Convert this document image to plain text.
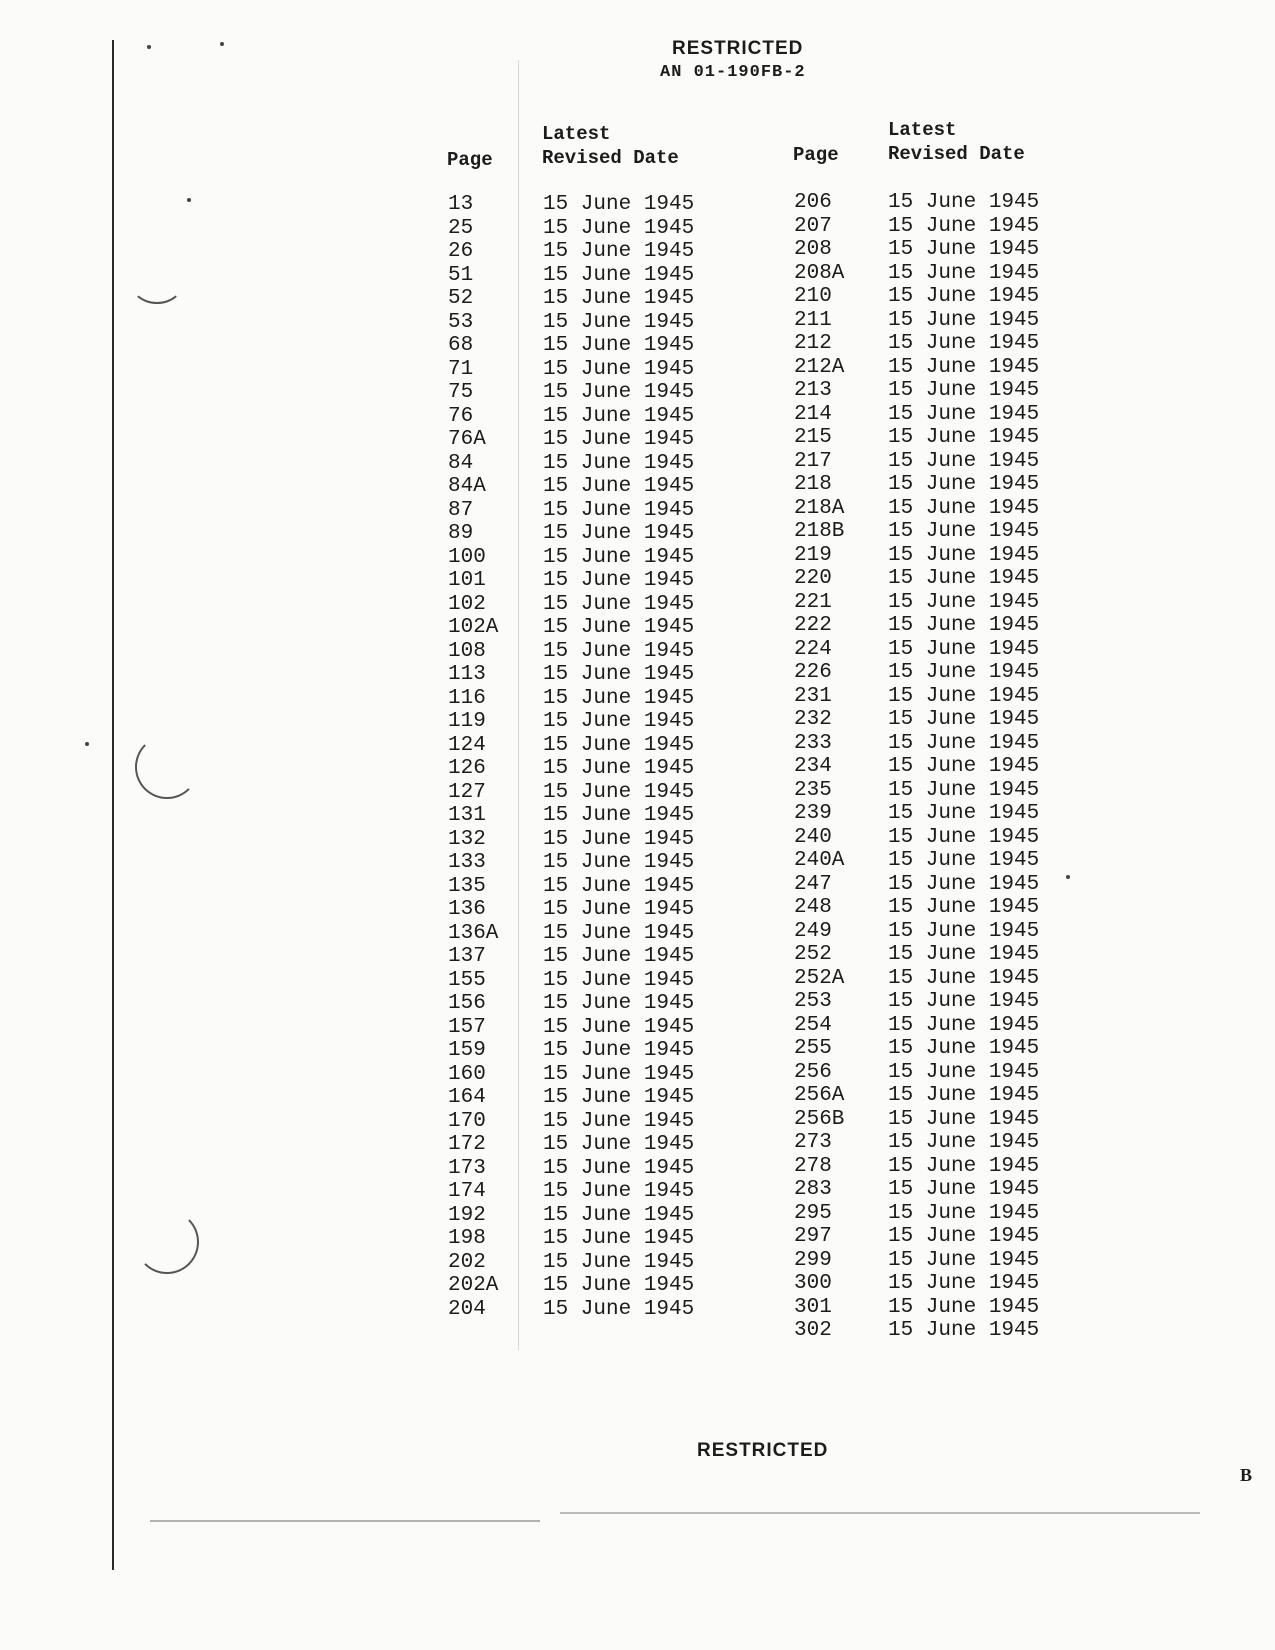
RESTRICTED
AN 01-190FB-2
Page
Latest
Revised Date	Page
Latest
Revised Date
13
25
26
51
52
53
68
71
75
76
76A
84
84A
87
89
100
101
102
102A
108
113
116
119
124
126
127
131
132
133
135
136
136A
137
155
156
157
159
160
164
170
172
173
174
192
198
202
202A
204
15 June 1945
15 June 1945
15 June 1945
15 June 1945
15 June 1945
15 June 1945
15 June 1945
15 June 1945
15 June 1945
15 June 1945
15 June 1945
15 June 1945
15 June 1945
15 June 1945
15 June 1945
15 June 1945
15 June 1945
15 June 1945
15 June 1945
15 June 1945
15 June 1945
15 June 1945
15 June 1945
15 June 1945
15 June 1945
15 June 1945
15 June 1945
15 June 1945
15 June 1945
15 June 1945
15 June 1945
15 June 1945
15 June 1945
15 June 1945
15 June 1945
15 June 1945
15 June 1945
15 June 1945
15 June 1945
15 June 1945
15 June 1945
15 June 1945
15 June 1945
15 June 1945
15 June 1945
15 June 1945
15 June 1945
15 June 1945
206
207
208
208A
210
211
212
212A
213
214
215
217
218
218A
218B
219
220
221
222
224
226
231
232
233
234
235
239
240
240A
247
248
249
252
252A
253
254
255
256
256A
256B
273
278
283
295
297
299
300
301
302
15 June 1945
15 June 1945
15 June 1945
15 June 1945
15 June 1945
15 June 1945
15 June 1945
15 June 1945
15 June 1945
15 June 1945
15 June 1945
15 June 1945
15 June 1945
15 June 1945
15 June 1945
15 June 1945
15 June 1945
15 June 1945
15 June 1945
15 June 1945
15 June 1945
15 June 1945
15 June 1945
15 June 1945
15 June 1945
15 June 1945
15 June 1945
15 June 1945
15 June 1945
15 June 1945
15 June 1945
15 June 1945
15 June 1945
15 June 1945
15 June 1945
15 June 1945
15 June 1945
15 June 1945
15 June 1945
15 June 1945
15 June 1945
15 June 1945
15 June 1945
15 June 1945
15 June 1945
15 June 1945
15 June 1945
15 June 1945
15 June 1945
RESTRICTED
B
